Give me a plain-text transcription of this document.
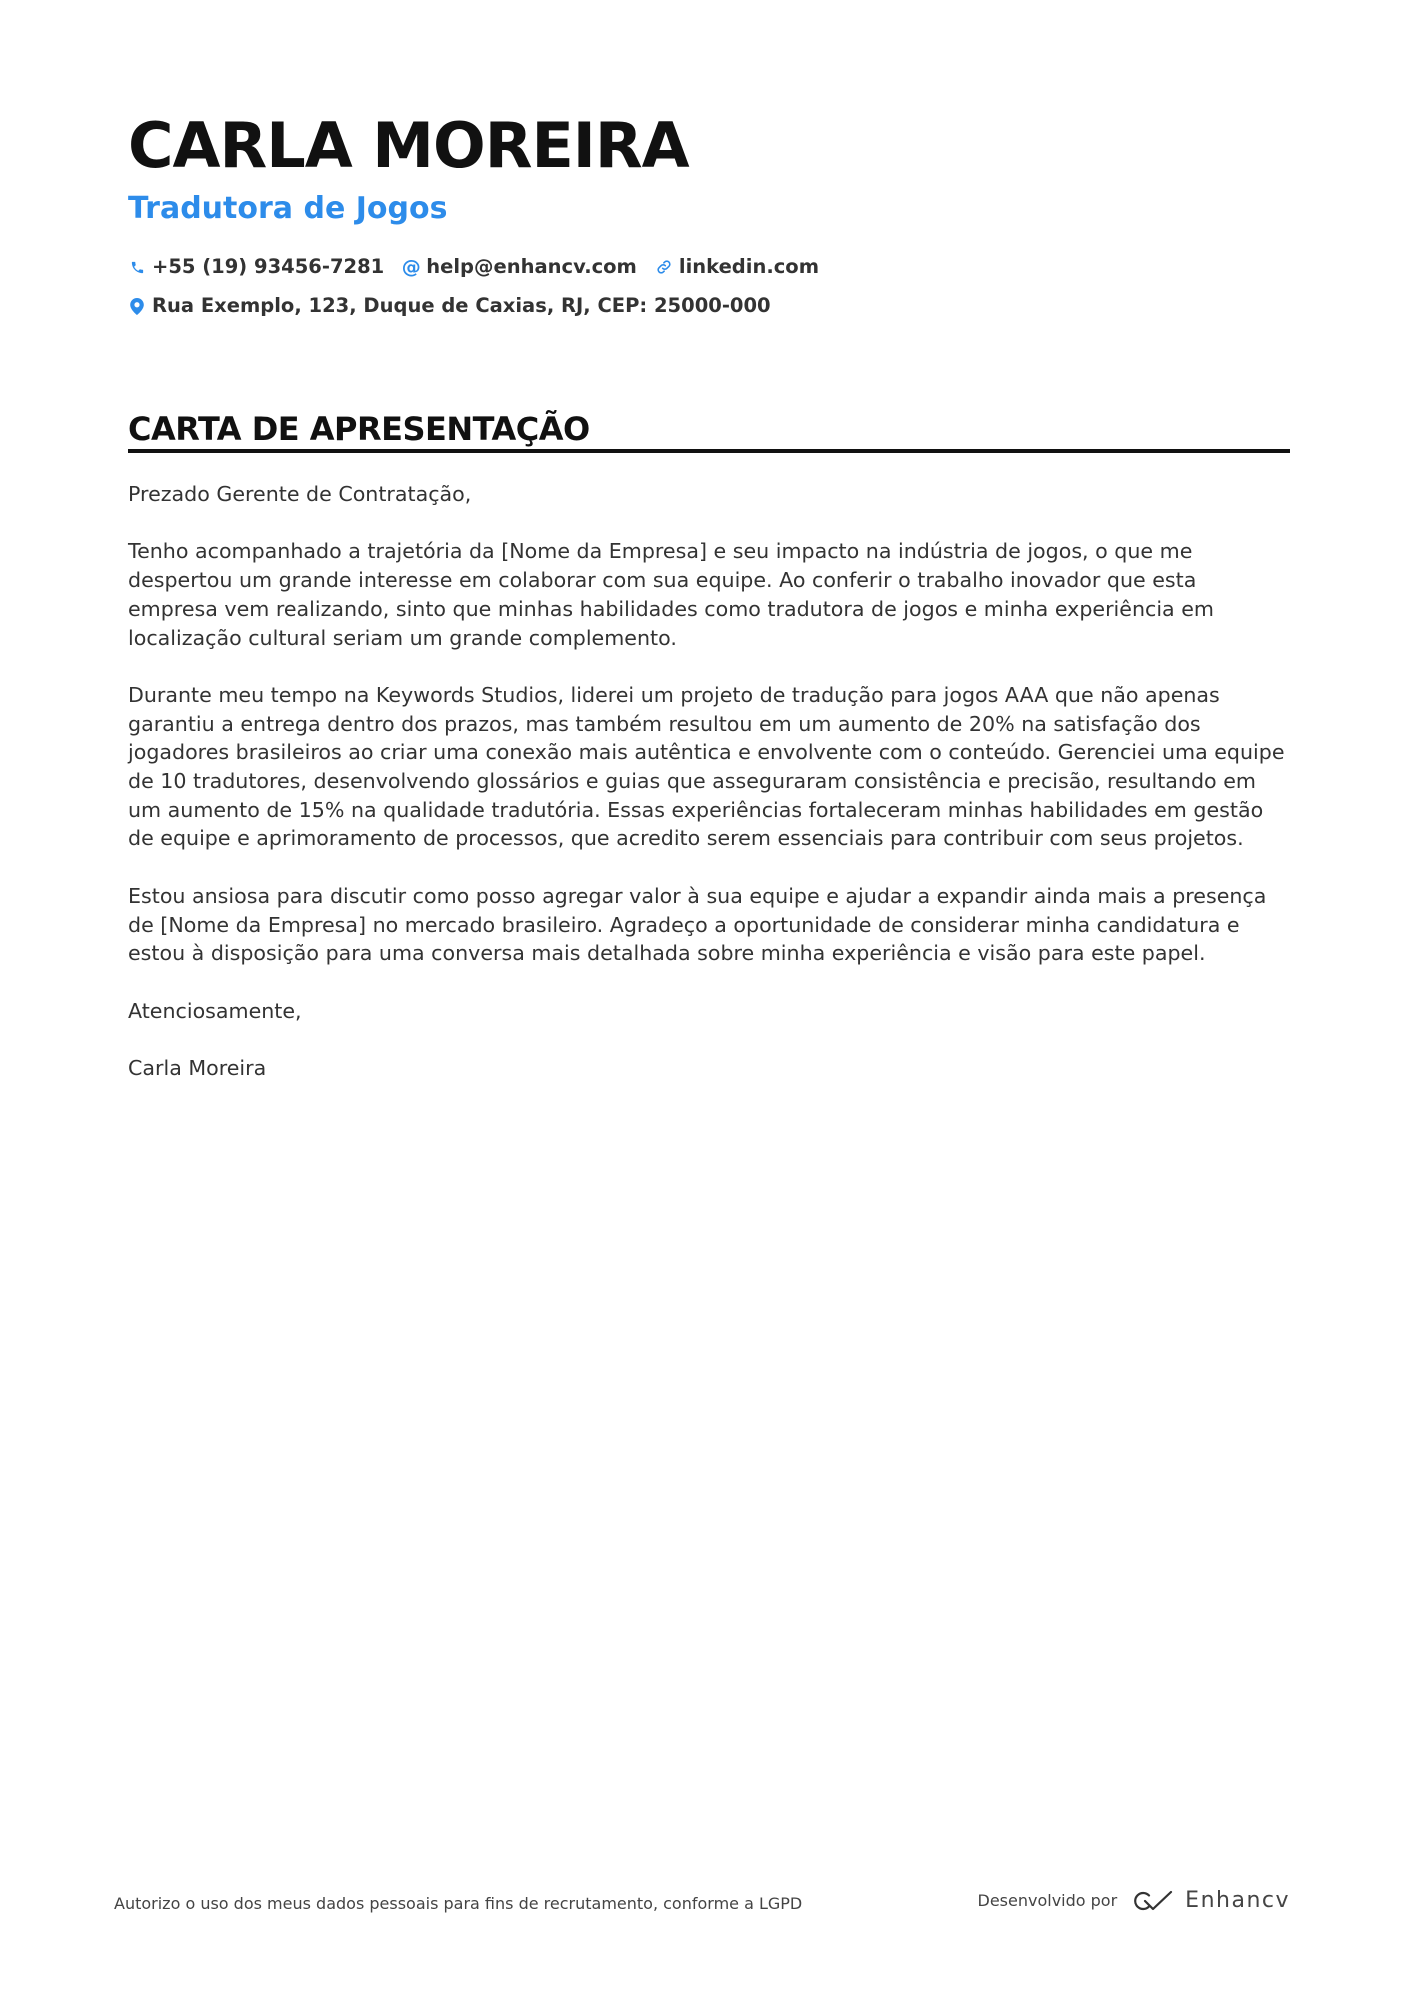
CARLA MOREIRA
Tradutora de Jogos
+55 (19) 93456-7281 @ help@enhancv.com linkedin.com
Rua Exemplo, 123, Duque de Caxias, RJ, CEP: 25000-000
CARTA DE APRESENTAÇÃO

Prezado Gerente de Contratação,

Tenho acompanhado a trajetória da [Nome da Empresa] e seu impacto na indústria de jogos, o que me despertou um grande interesse em colaborar com sua equipe. Ao conferir o trabalho inovador que esta empresa vem realizando, sinto que minhas habilidades como tradutora de jogos e minha experiência em localização cultural seriam um grande complemento.

Durante meu tempo na Keywords Studios, liderei um projeto de tradução para jogos AAA que não apenas garantiu a entrega dentro dos prazos, mas também resultou em um aumento de 20% na satisfação dos jogadores brasileiros ao criar uma conexão mais autêntica e envolvente com o conteúdo. Gerenciei uma equipe de 10 tradutores, desenvolvendo glossários e guias que asseguraram consistência e precisão, resultando em um aumento de 15% na qualidade tradutória. Essas experiências fortaleceram minhas habilidades em gestão de equipe e aprimoramento de processos, que acredito serem essenciais para contribuir com seus projetos.

Estou ansiosa para discutir como posso agregar valor à sua equipe e ajudar a expandir ainda mais a presença de [Nome da Empresa] no mercado brasileiro. Agradeço a oportunidade de considerar minha candidatura e estou à disposição para uma conversa mais detalhada sobre minha experiência e visão para este papel.

Atenciosamente,

Carla Moreira

Autorizo o uso dos meus dados pessoais para fins de recrutamento, conforme a LGPD	Desenvolvido por	Enhancv
